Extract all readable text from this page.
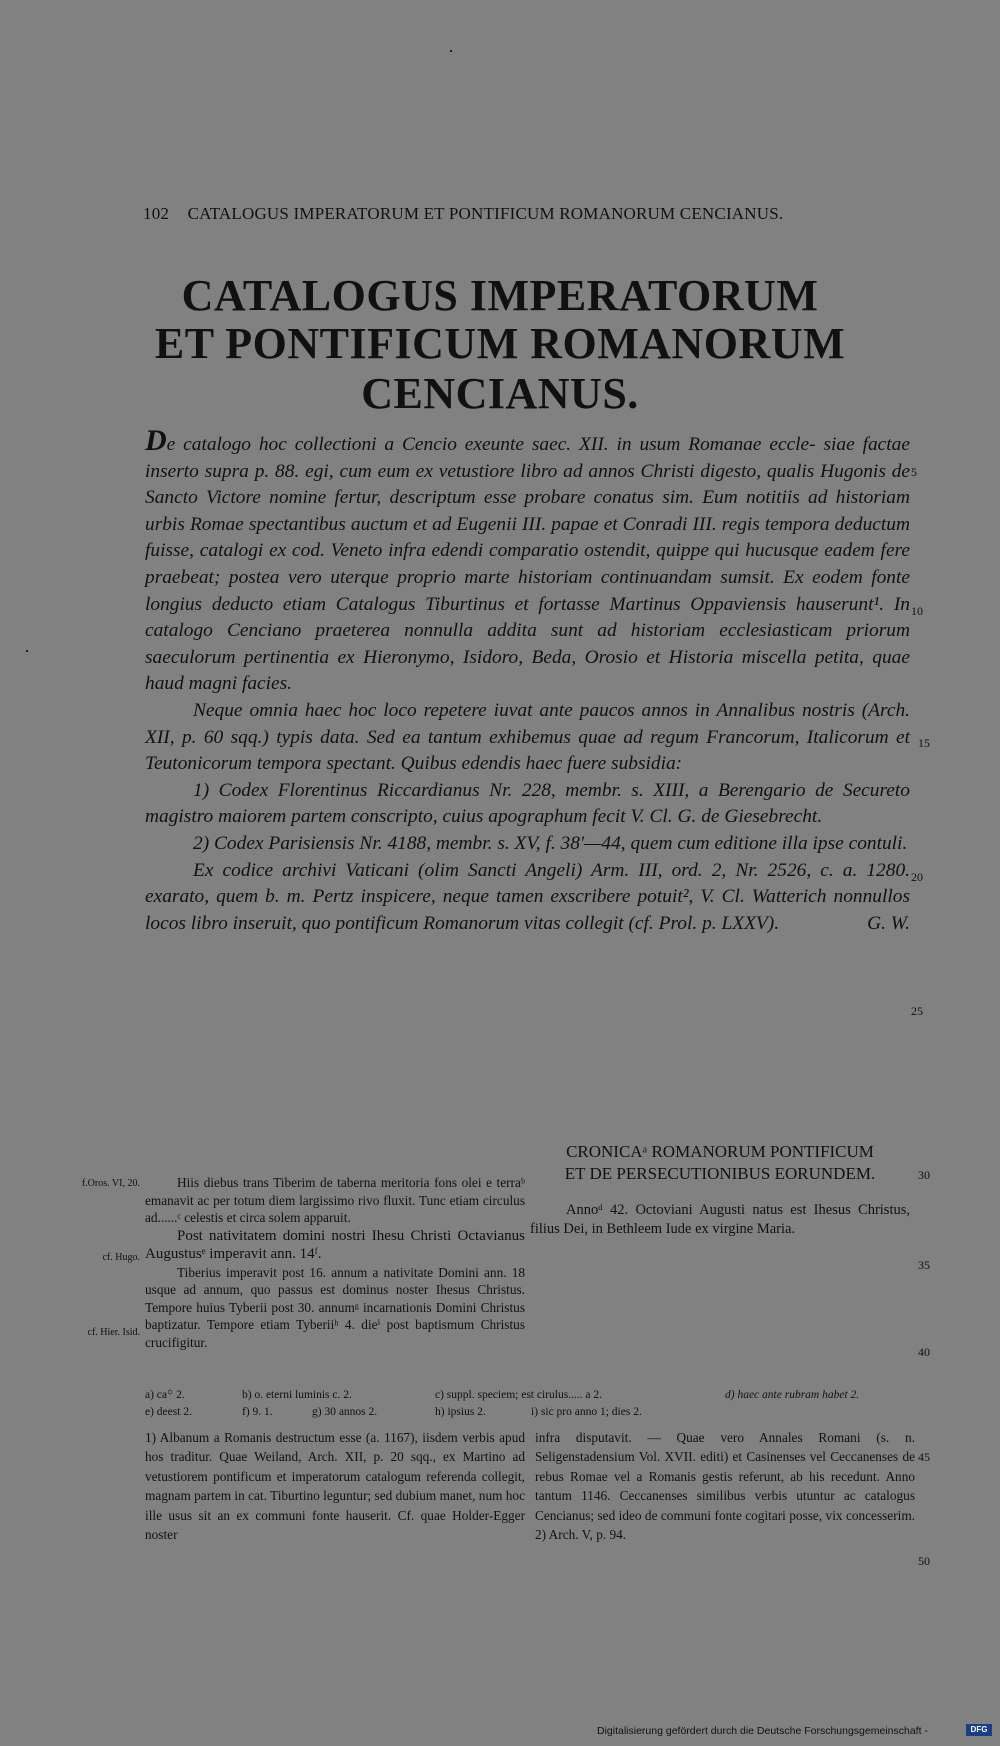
102 CATALOGUS IMPERATORUM ET PONTIFICUM ROMANORUM CENCIANUS.
CATALOGUS IMPERATORUM
ET PONTIFICUM ROMANORUM
CENCIANUS.

De catalogo hoc collectioni a Cencio exeunte saec. XII. in usum Romanae eccle- siae factae inserto supra p. 88. egi, cum eum ex vetustiore libro ad annos Christi digesto, qualis Hugonis de Sancto Victore nomine fertur, descriptum esse probare conatus sim. Eum notitiis ad historiam urbis Romae spectantibus auctum et ad Eugenii III. papae et Conradi III. regis tempora deductum fuisse, catalogi ex cod. Veneto infra edendi comparatio ostendit, quippe qui hucusque eadem fere praebeat; postea vero uterque proprio marte historiam continuandam sumsit. Ex eodem fonte longius deducto etiam Catalogus Tiburtinus et fortasse Martinus Oppaviensis hauserunt¹. In catalogo Cenciano praeterea nonnulla addita sunt ad historiam ecclesiasticam priorum saeculorum pertinentia ex Hieronymo, Isidoro, Beda, Orosio et Historia miscella petita, quae haud magni facies.

Neque omnia haec hoc loco repetere iuvat ante paucos annos in Annalibus nostris (Arch. XII, p. 60 sqq.) typis data. Sed ea tantum exhibemus quae ad regum Francorum, Italicorum et Teutonicorum tempora spectant. Quibus edendis haec fuere subsidia:

1) Codex Florentinus Riccardianus Nr. 228, membr. s. XIII, a Berengario de Secureto magistro maiorem partem conscripto, cuius apographum fecit V. Cl. G. de Giesebrecht.

2) Codex Parisiensis Nr. 4188, membr. s. XV, f. 38′—44, quem cum editione illa ipse contuli.

Ex codice archivi Vaticani (olim Sancti Angeli) Arm. III, ord. 2, Nr. 2526, c. a. 1280. exarato, quem b. m. Pertz inspicere, neque tamen exscribere potuit², V. Cl. Watterich nonnullos locos libro inseruit, quo pontificum Romanorum vitas collegit (cf. Prol. p. LXXV).	G. W.

5
10
15
20
25
30
35
40
45
50
f.Oros. VI, 20.
cf. Hugo.
cf. Hier. Isid.

Hiis diebus trans Tiberim de taberna meritoria fons olei e terraᵇ emanavit ac per totum diem largissimo rivo fluxit. Tunc etiam circulus ad......ᶜ celestis et circa solem apparuit.

Post nativitatem domini nostri Ihesu Christi Octavianus Augustusᵉ imperavit ann. 14ᶠ.

Tiberius imperavit post 16. annum a nativitate Domini ann. 18 usque ad annum, quo passus est dominus noster Ihesus Christus. Tempore huius Tyberii post 30. annumᵍ incarnationis Domini Christus baptizatur. Tempore etiam Tyberiiʰ 4. dieⁱ post baptismum Christus crucifigitur.

CRONICAᵃ ROMANORUM PONTIFICUM
ET DE PERSECUTIONIBUS EORUNDEM.
Annoᵈ 42. Octoviani Augusti natus est Ihesus Christus, filius Dei, in Bethleem Iude ex virgine Maria.
a) ca꙳ 2.	b) o. eterni luminis c. 2.	c) suppl. speciem; est cirulus..... a 2.	d) haec ante rubram habet 2.
e) deest 2.	f) 9. 1.	g) 30 annos 2.	h) ipsius 2.	i) sic pro anno 1; dies 2.

1) Albanum a Romanis destructum esse (a. 1167), iisdem verbis apud hos traditur. Quae Weiland, Arch. XII, p. 20 sqq., ex Martino ad vetustiorem pontificum et imperatorum catalogum referenda collegit, magnam partem in cat. Tiburtino leguntur; sed dubium manet, num hoc ille usus sit an ex communi fonte hauserit. Cf. quae Holder-Egger noster

infra disputavit. — Quae vero Annales Romani (s. n. Seligenstadensium Vol. XVII. editi) et Casinenses vel Ceccanenses de rebus Romae vel a Romanis gestis referunt, ab his recedunt. Anno tantum 1146. Ceccanenses similibus verbis utuntur ac catalogus Cencianus; sed ideo de communi fonte cogitari posse, vix concesserim. 2) Arch. V, p. 94.

Digitalisierung gefördert durch die Deutsche Forschungsgemeinschaft -	DFG
